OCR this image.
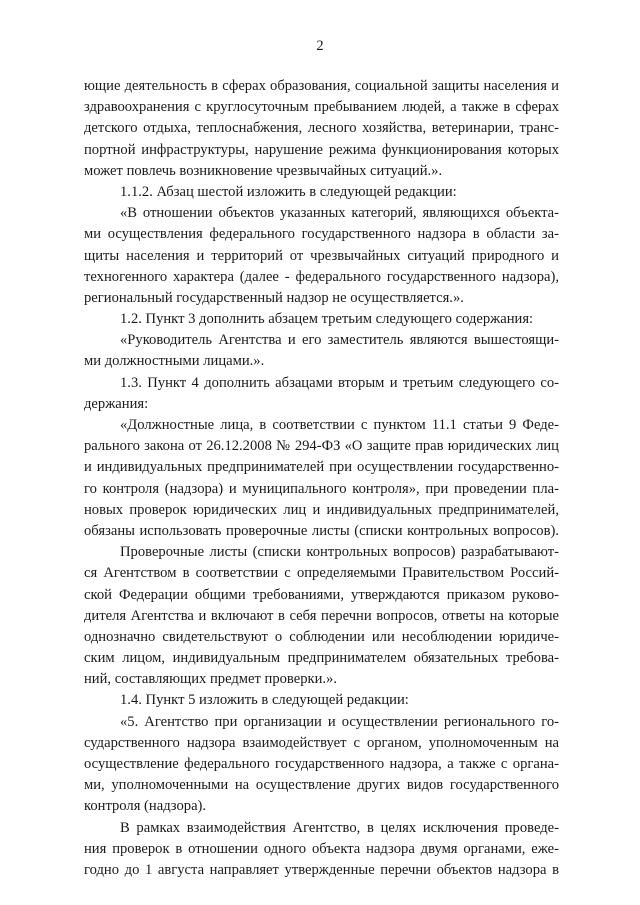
2
ющие деятельность в сферах образования, социальной защиты населения и
здравоохранения с круглосуточным пребыванием людей, а также в сферах
детского отдыха, теплоснабжения, лесного хозяйства, ветеринарии, транс-
портной инфраструктуры, нарушение режима функционирования которых
может повлечь возникновение чрезвычайных ситуаций.».
1.1.2. Абзац шестой изложить в следующей редакции:
«В отношении объектов указанных категорий, являющихся объекта-
ми осуществления федерального государственного надзора в области за-
щиты населения и территорий от чрезвычайных ситуаций природного и
техногенного характера (далее - федерального государственного надзора),
региональный государственный надзор не осуществляется.».
1.2. Пункт 3 дополнить абзацем третьим следующего содержания:
«Руководитель Агентства и его заместитель являются вышестоящи-
ми должностными лицами.».
1.3. Пункт 4 дополнить абзацами вторым и третьим следующего со-
держания:
«Должностные лица, в соответствии с пунктом 11.1 статьи 9 Феде-
рального закона от 26.12.2008 № 294-ФЗ «О защите прав юридических лиц
и индивидуальных предпринимателей при осуществлении государственно-
го контроля (надзора) и муниципального контроля», при проведении пла-
новых проверок юридических лиц и индивидуальных предпринимателей,
обязаны использовать проверочные листы (списки контрольных вопросов).
Проверочные листы (списки контрольных вопросов) разрабатывают-
ся Агентством в соответствии с определяемыми Правительством Россий-
ской Федерации общими требованиями, утверждаются приказом руково-
дителя Агентства и включают в себя перечни вопросов, ответы на которые
однозначно свидетельствуют о соблюдении или несоблюдении юридиче-
ским лицом, индивидуальным предпринимателем обязательных требова-
ний, составляющих предмет проверки.».
1.4. Пункт 5 изложить в следующей редакции:
«5. Агентство при организации и осуществлении регионального го-
сударственного надзора взаимодействует с органом, уполномоченным на
осуществление федерального государственного надзора, а также с органа-
ми, уполномоченными на осуществление других видов государственного
контроля (надзора).
В рамках взаимодействия Агентство, в целях исключения проведе-
ния проверок в отношении одного объекта надзора двумя органами, еже-
годно до 1 августа направляет утвержденные перечни объектов надзора в
